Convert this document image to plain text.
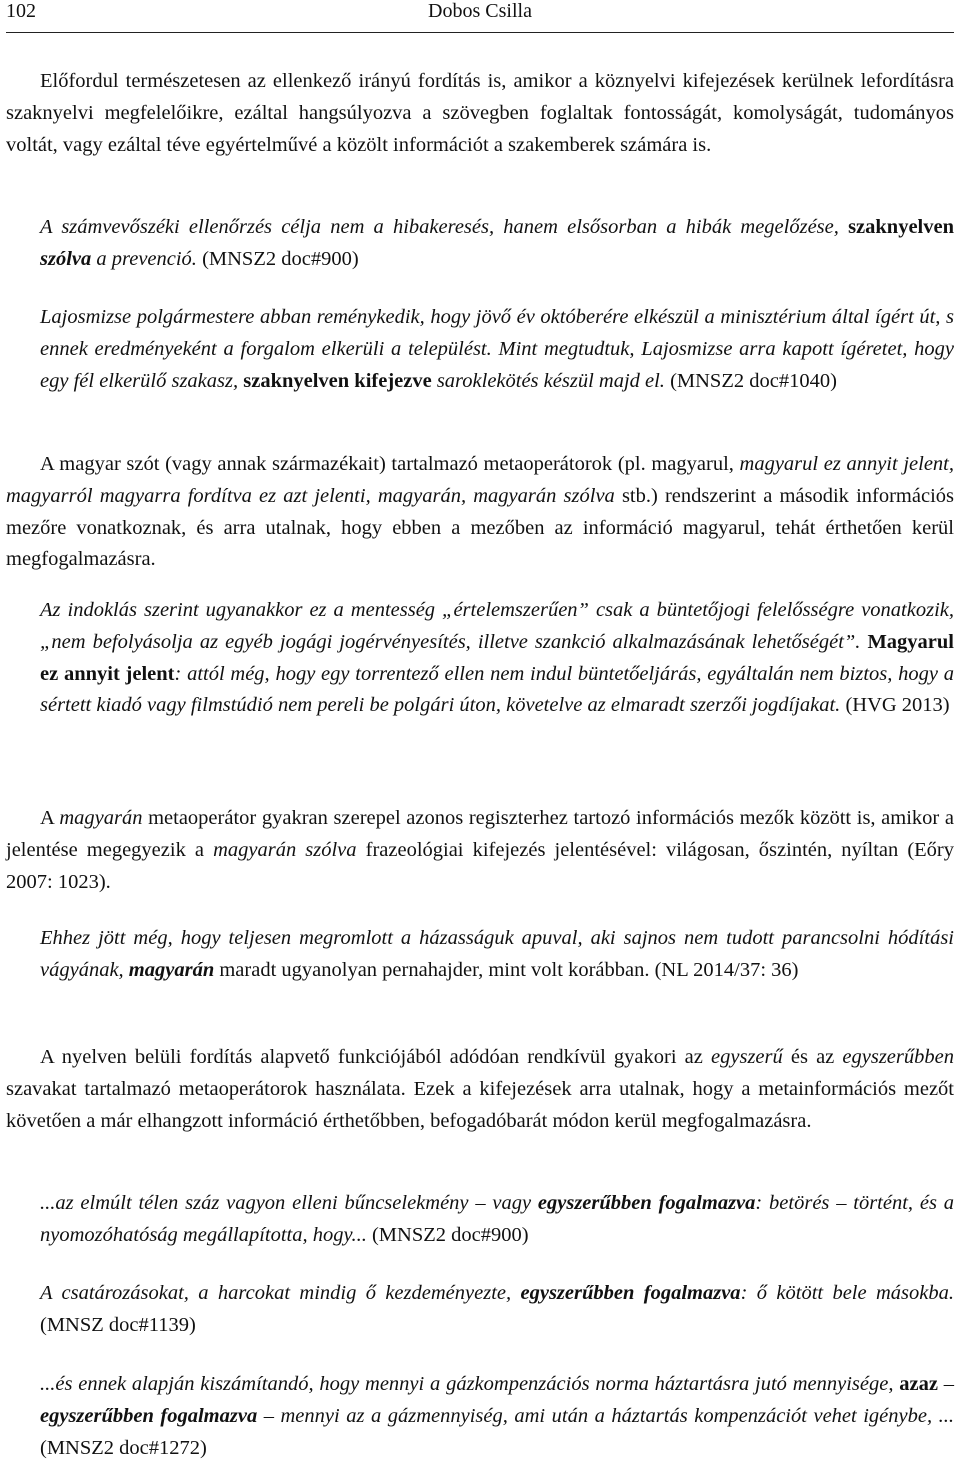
102	Dobos Csilla

Előfordul természetesen az ellenkező irányú fordítás is, amikor a köznyelvi kifejezések kerülnek lefordításra szaknyelvi megfelelőikre, ezáltal hangsúlyozva a szövegben foglaltak fontosságát, komolyságát, tudományos voltát, vagy ezáltal téve egyértelművé a közölt információt a szakemberek számára is.

A számvevőszéki ellenőrzés célja nem a hibakeresés, hanem elsősorban a hibák megelőzése, szaknyelven szólva a prevenció. (MNSZ2 doc#900)

Lajosmizse polgármestere abban reménykedik, hogy jövő év októberére elkészül a minisztérium által ígért út, s ennek eredményeként a forgalom elkerüli a települést. Mint megtudtuk, Lajosmizse arra kapott ígéretet, hogy egy fél elkerülő szakasz, szaknyelven kifejezve saroklekötés készül majd el. (MNSZ2 doc#1040)

A magyar szót (vagy annak származékait) tartalmazó metaoperátorok (pl. magyarul, magyarul ez annyit jelent, magyarról magyarra fordítva ez azt jelenti, magyarán, magyarán szólva stb.) rendszerint a második információs mezőre vonatkoznak, és arra utalnak, hogy ebben a mezőben az információ magyarul, tehát érthetően kerül megfogalmazásra.

Az indoklás szerint ugyanakkor ez a mentesség „értelemszerűen” csak a büntetőjogi felelősségre vonatkozik, „nem befolyásolja az egyéb jogági jogérvényesítés, illetve szankció alkalmazásának lehetőségét”. Magyarul ez annyit jelent: attól még, hogy egy torrentező ellen nem indul büntetőeljárás, egyáltalán nem biztos, hogy a sértett kiadó vagy filmstúdió nem pereli be polgári úton, követelve az elmaradt szerzői jogdíjakat. (HVG 2013)

A magyarán metaoperátor gyakran szerepel azonos regiszterhez tartozó információs mezők között is, amikor a jelentése megegyezik a magyarán szólva frazeológiai kifejezés jelentésével: világosan, őszintén, nyíltan (Eőry 2007: 1023).

Ehhez jött még, hogy teljesen megromlott a házasságuk apuval, aki sajnos nem tudott parancsolni hódítási vágyának, magyarán maradt ugyanolyan pernahajder, mint volt korábban. (NL 2014/37: 36)

A nyelven belüli fordítás alapvető funkciójából adódóan rendkívül gyakori az egyszerű és az egyszerűbben szavakat tartalmazó metaoperátorok használata. Ezek a kifejezések arra utalnak, hogy a metainformációs mezőt követően a már elhangzott információ érthetőbben, befogadóbarát módon kerül megfogalmazásra.

...az elmúlt télen száz vagyon elleni bűncselekmény – vagy egyszerűbben fogalmazva: betörés – történt, és a nyomozóhatóság megállapította, hogy... (MNSZ2 doc#900)

A csatározásokat, a harcokat mindig ő kezdeményezte, egyszerűbben fogalmazva: ő kötött bele másokba. (MNSZ doc#1139)

...és ennek alapján kiszámítandó, hogy mennyi a gázkompenzációs norma háztartásra jutó mennyisége, azaz – egyszerűbben fogalmazva – mennyi az a gázmennyiség, ami után a háztartás kompenzációt vehet igénybe, ... (MNSZ2 doc#1272)
